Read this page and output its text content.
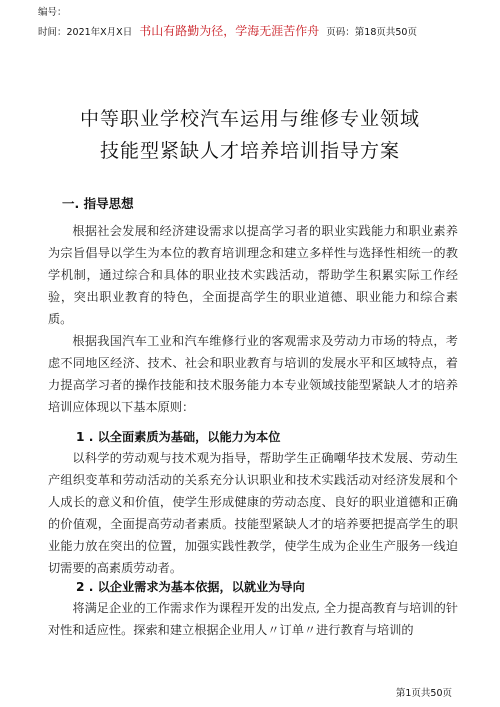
编号：
时间：2021年X月X日 书山有路勤为径，学海无涯苦作舟 页码：第18页共50页
中等职业学校汽车运用与维修专业领域
技能型紧缺人才培养培训指导方案
一. 指导思想

根据社会发展和经济建设需求以提高学习者的职业实践能力和职业素养为宗旨倡导以学生为本位的教育培训理念和建立多样性与选择性相统一的教学机制，通过综合和具体的职业技术实践活动，帮助学生积累实际工作经验，突出职业教育的特色，全面提高学生的职业道德、职业能力和综合素质。

根据我国汽车工业和汽车维修行业的客观需求及劳动力市场的特点，考虑不同地区经济、技术、社会和职业教育与培训的发展水平和区域特点，着力提高学习者的操作技能和技术服务能力本专业领域技能型紧缺人才的培养培训应体现以下基本原则：

1 . 以全面素质为基础，以能力为本位

以科学的劳动观与技术观为指导，帮助学生正确嘲华技术发展、劳动生产组织变革和劳动活动的关系充分认识职业和技术实践活动对经济发展和个人成长的意义和价值，使学生形成健康的劳动态度、良好的职业道德和正确的价值观，全面提高劳动者素质。技能型紧缺人才的培养要把提高学生的职业能力放在突出的位置，加强实践性教学，使学生成为企业生产服务一线迫切需要的高素质劳动者。

2 . 以企业需求为基本依据，以就业为导向

将满足企业的工作需求作为课程开发的出发点, 全力提高教育与培训的针对性和适应性。探索和建立根据企业用人〃订单〃进行教育与培训的

第1页共50页
